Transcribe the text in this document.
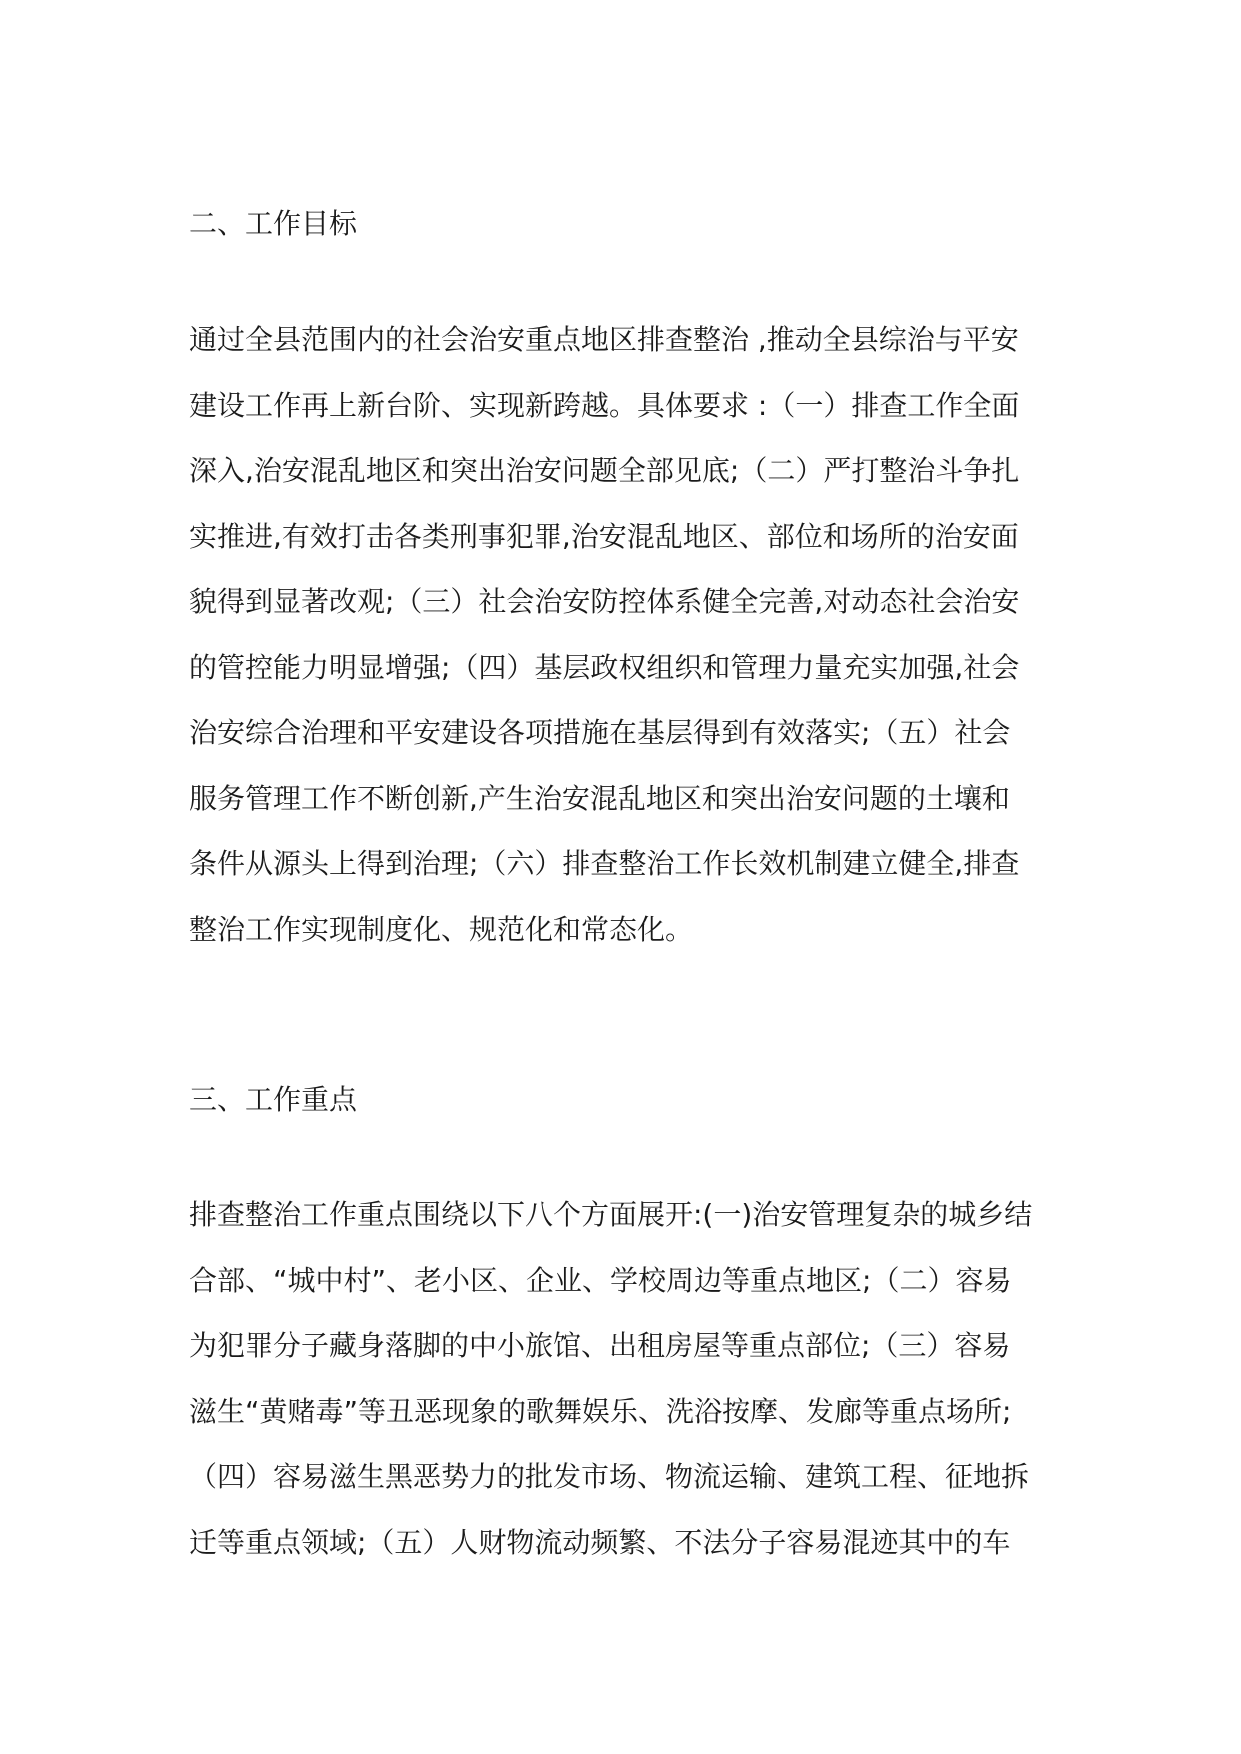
二、工作目标
通过全县范围内的社会治安重点地区排查整治 ,推动全县综治与平安
建设工作再上新台阶、实现新跨越。具体要求 :（一）排查工作全面
深入,治安混乱地区和突出治安问题全部见底;（二）严打整治斗争扎
实推进,有效打击各类刑事犯罪,治安混乱地区、部位和场所的治安面
貌得到显著改观;（三）社会治安防控体系健全完善,对动态社会治安
的管控能力明显增强;（四）基层政权组织和管理力量充实加强,社会
治安综合治理和平安建设各项措施在基层得到有效落实;（五）社会
服务管理工作不断创新,产生治安混乱地区和突出治安问题的土壤和
条件从源头上得到治理;（六）排查整治工作长效机制建立健全,排查
整治工作实现制度化、规范化和常态化。
三、工作重点
排查整治工作重点围绕以下八个方面展开:(一)治安管理复杂的城乡结
合部、“城中村”、老小区、企业、学校周边等重点地区;（二）容易
为犯罪分子藏身落脚的中小旅馆、出租房屋等重点部位;（三）容易
滋生“黄赌毒”等丑恶现象的歌舞娱乐、洗浴按摩、发廊等重点场所;
（四）容易滋生黑恶势力的批发市场、物流运输、建筑工程、征地拆
迁等重点领域;（五）人财物流动频繁、不法分子容易混迹其中的车
